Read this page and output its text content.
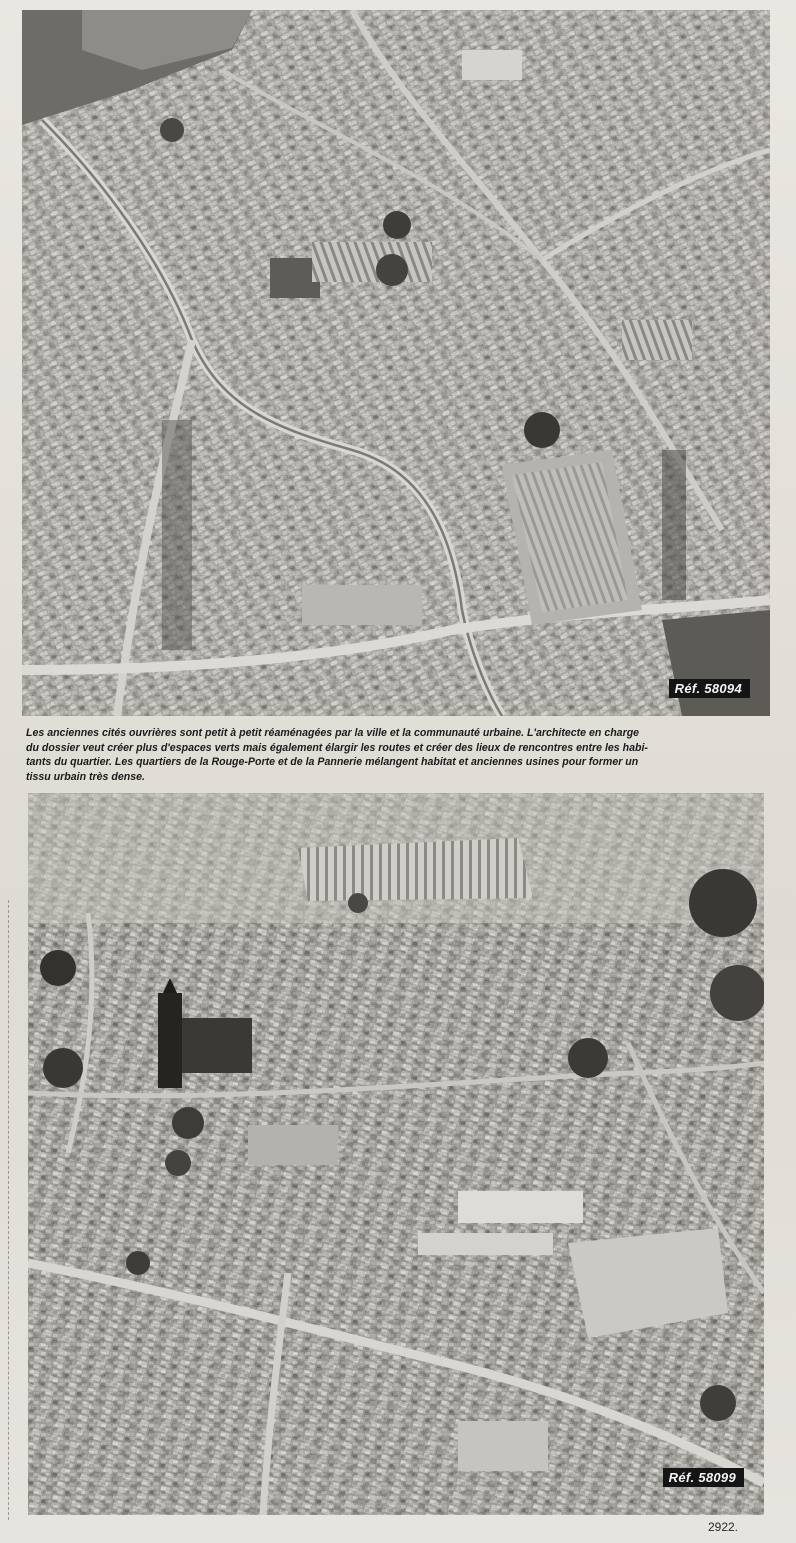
Réf. 58094
Les anciennes cités ouvrières sont petit à petit réaménagées par la ville et la communauté urbaine. L'architecte en charge
du dossier veut créer plus d'espaces verts mais également élargir les routes et créer des lieux de rencontres entre les habi-
tants du quartier. Les quartiers de la Rouge-Porte et de la Pannerie mélangent habitat et anciennes usines pour former un
tissu urbain très dense.
Réf. 58099
2922.
